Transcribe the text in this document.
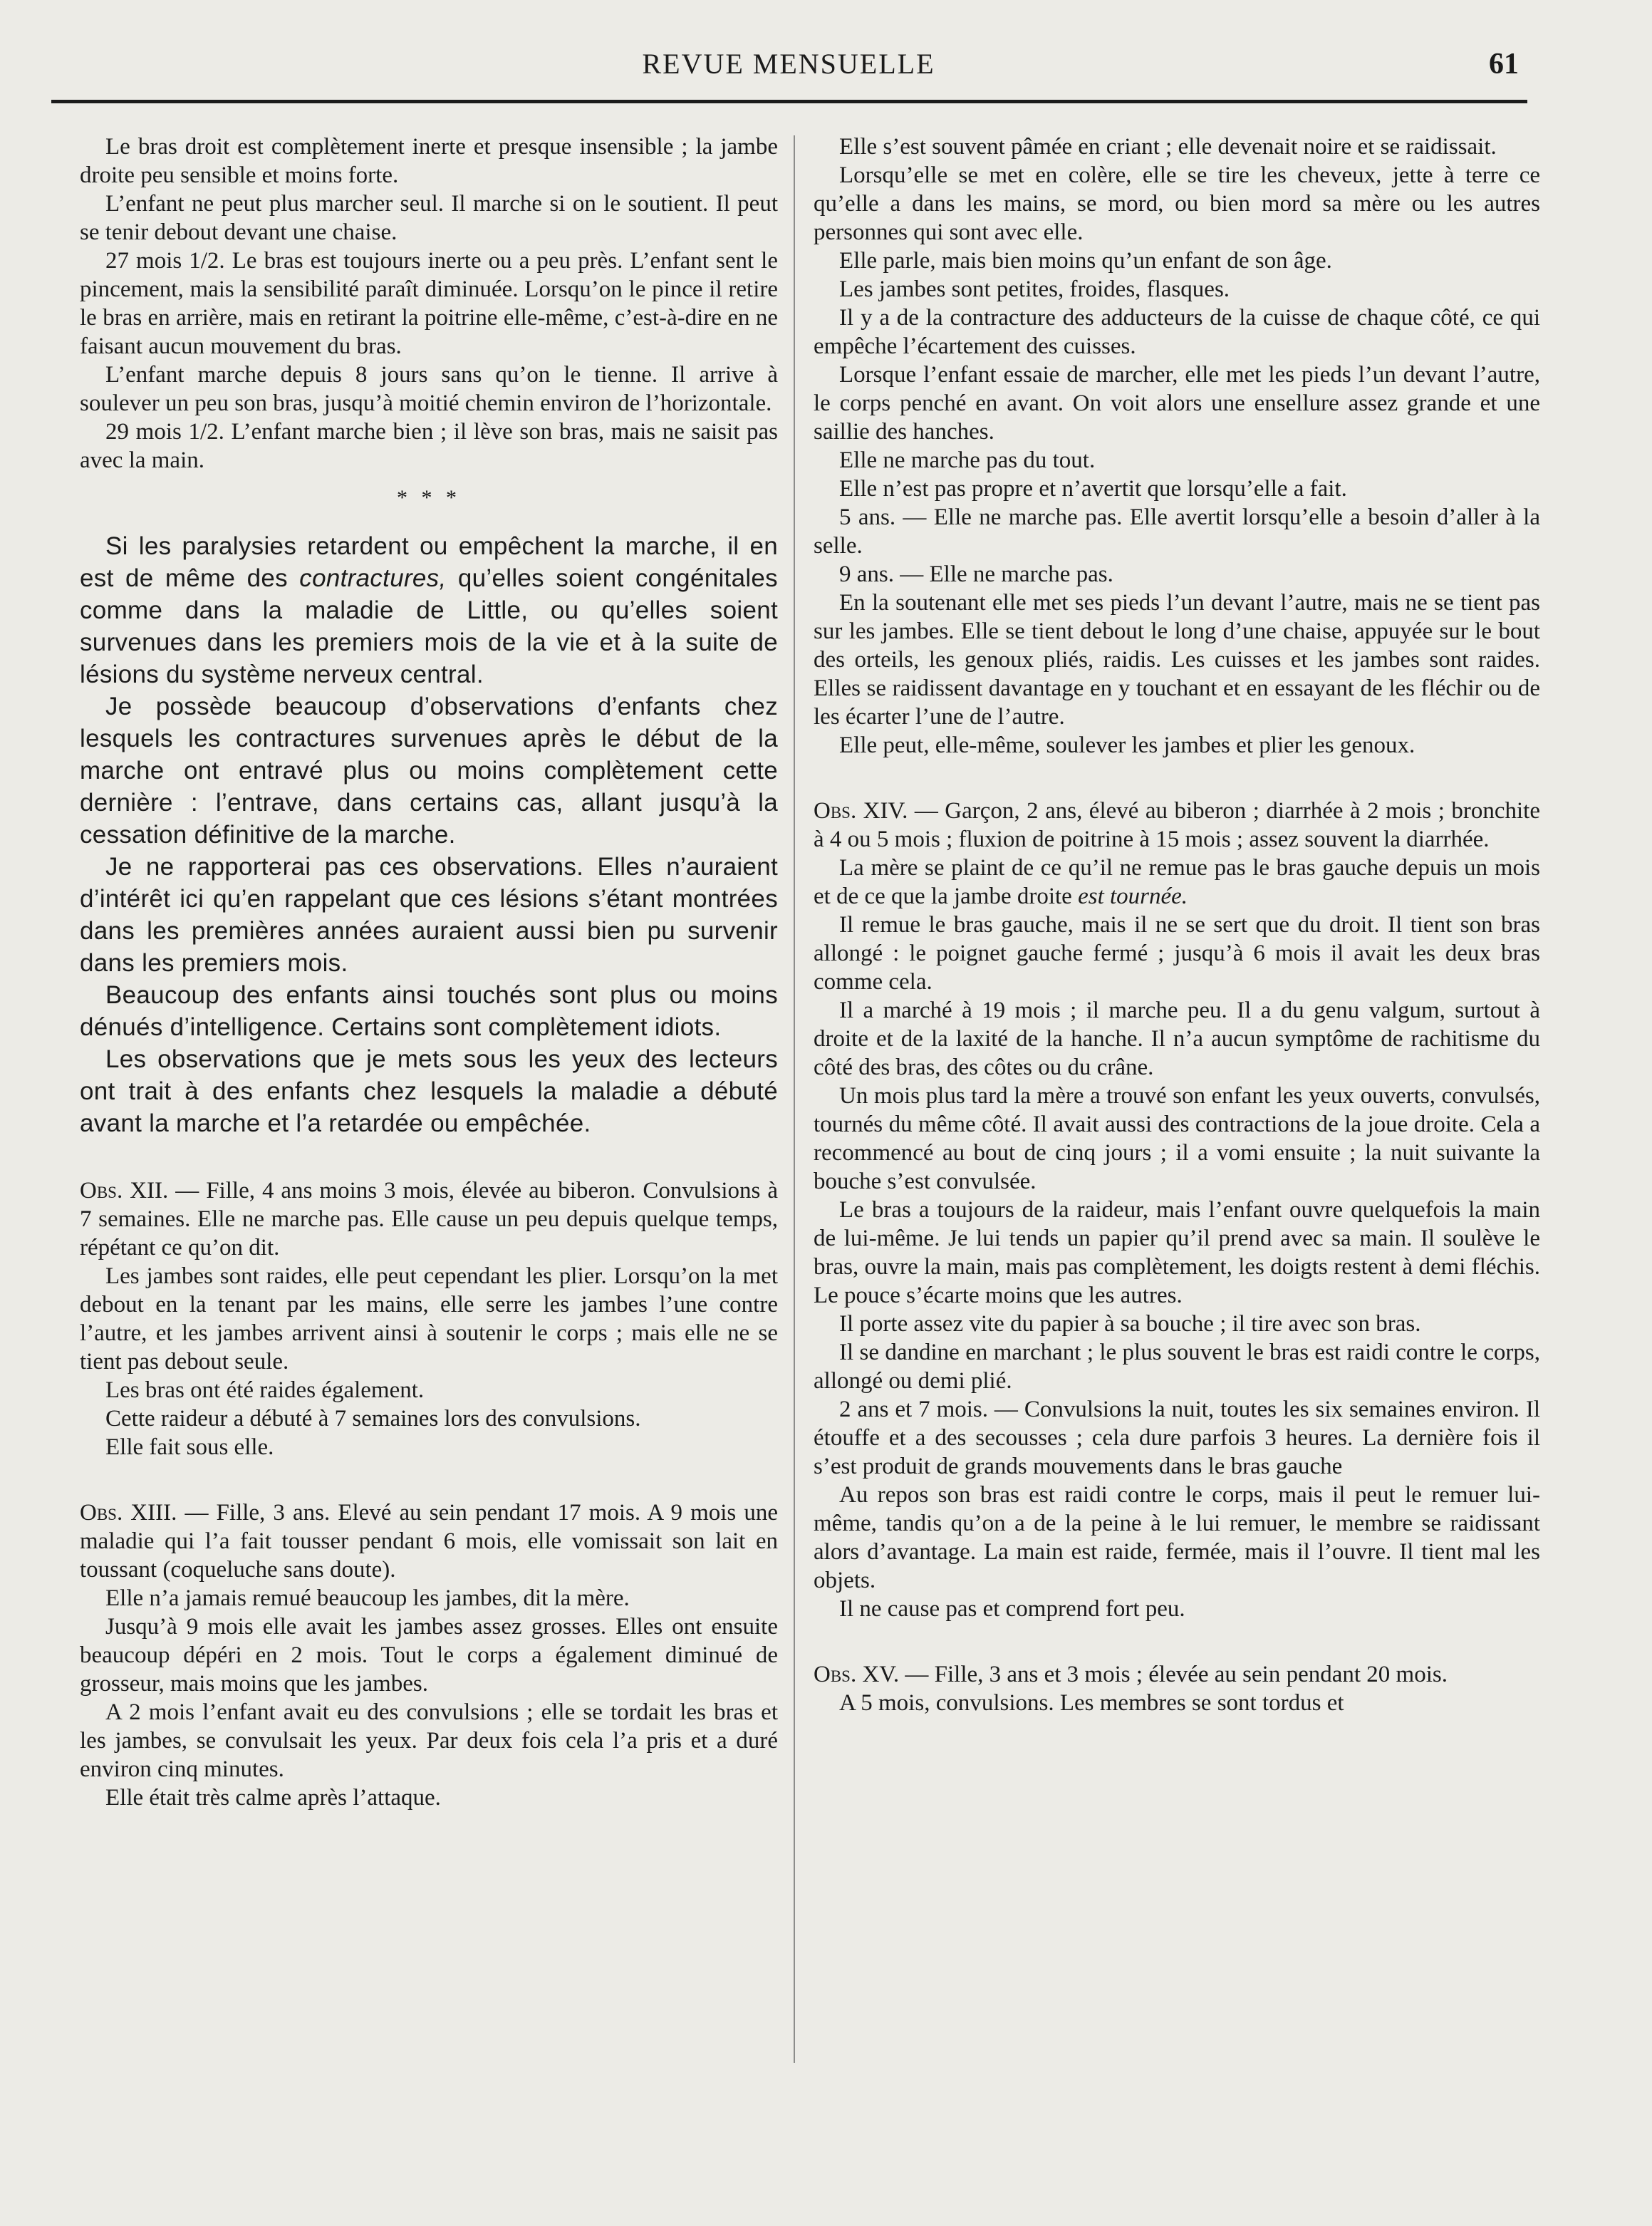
REVUE MENSUELLE	61

Le bras droit est complètement inerte et presque insensible ; la jambe droite peu sensible et moins forte.

L’enfant ne peut plus marcher seul. Il marche si on le soutient. Il peut se tenir debout devant une chaise.

27 mois 1/2. Le bras est toujours inerte ou a peu près. L’enfant sent le pincement, mais la sensibilité paraît diminuée. Lorsqu’on le pince il retire le bras en arrière, mais en retirant la poitrine elle-même, c’est-à-dire en ne faisant aucun mouvement du bras.

L’enfant marche depuis 8 jours sans qu’on le tienne. Il arrive à soulever un peu son bras, jusqu’à moitié chemin environ de l’horizontale.

29 mois 1/2. L’enfant marche bien ; il lève son bras, mais ne saisit pas avec la main.

* * *

Si les paralysies retardent ou empêchent la marche, il en est de même des contractures, qu’elles soient congénitales comme dans la maladie de Little, ou qu’elles soient survenues dans les premiers mois de la vie et à la suite de lésions du système nerveux central.

Je possède beaucoup d’observations d’enfants chez lesquels les contractures survenues après le début de la marche ont entravé plus ou moins complètement cette dernière : l’entrave, dans certains cas, allant jusqu’à la cessation définitive de la marche.

Je ne rapporterai pas ces observations. Elles n’auraient d’intérêt ici qu’en rappelant que ces lésions s’étant montrées dans les premières années auraient aussi bien pu survenir dans les premiers mois.

Beaucoup des enfants ainsi touchés sont plus ou moins dénués d’intelligence. Certains sont complètement idiots.

Les observations que je mets sous les yeux des lecteurs ont trait à des enfants chez lesquels la maladie a débuté avant la marche et l’a retardée ou empêchée.

Obs. XII. — Fille, 4 ans moins 3 mois, élevée au biberon. Convulsions à 7 semaines. Elle ne marche pas. Elle cause un peu depuis quelque temps, répétant ce qu’on dit.

Les jambes sont raides, elle peut cependant les plier. Lorsqu’on la met debout en la tenant par les mains, elle serre les jambes l’une contre l’autre, et les jambes arrivent ainsi à soutenir le corps ; mais elle ne se tient pas debout seule.

Les bras ont été raides également.

Cette raideur a débuté à 7 semaines lors des convulsions.

Elle fait sous elle.

Obs. XIII. — Fille, 3 ans. Elevé au sein pendant 17 mois. A 9 mois une maladie qui l’a fait tousser pendant 6 mois, elle vomissait son lait en toussant (coqueluche sans doute).

Elle n’a jamais remué beaucoup les jambes, dit la mère.

Jusqu’à 9 mois elle avait les jambes assez grosses. Elles ont ensuite beaucoup dépéri en 2 mois. Tout le corps a également diminué de grosseur, mais moins que les jambes.

A 2 mois l’enfant avait eu des convulsions ; elle se tordait les bras et les jambes, se convulsait les yeux. Par deux fois cela l’a pris et a duré environ cinq minutes.

Elle était très calme après l’attaque.

Elle s’est souvent pâmée en criant ; elle devenait noire et se raidissait.

Lorsqu’elle se met en colère, elle se tire les cheveux, jette à terre ce qu’elle a dans les mains, se mord, ou bien mord sa mère ou les autres personnes qui sont avec elle.

Elle parle, mais bien moins qu’un enfant de son âge.

Les jambes sont petites, froides, flasques.

Il y a de la contracture des adducteurs de la cuisse de chaque côté, ce qui empêche l’écartement des cuisses.

Lorsque l’enfant essaie de marcher, elle met les pieds l’un devant l’autre, le corps penché en avant. On voit alors une ensellure assez grande et une saillie des hanches.

Elle ne marche pas du tout.

Elle n’est pas propre et n’avertit que lorsqu’elle a fait.

5 ans. — Elle ne marche pas. Elle avertit lorsqu’elle a besoin d’aller à la selle.

9 ans. — Elle ne marche pas.

En la soutenant elle met ses pieds l’un devant l’autre, mais ne se tient pas sur les jambes. Elle se tient debout le long d’une chaise, appuyée sur le bout des orteils, les genoux pliés, raidis. Les cuisses et les jambes sont raides. Elles se raidissent davantage en y touchant et en essayant de les fléchir ou de les écarter l’une de l’autre.

Elle peut, elle-même, soulever les jambes et plier les genoux.

Obs. XIV. — Garçon, 2 ans, élevé au biberon ; diarrhée à 2 mois ; bronchite à 4 ou 5 mois ; fluxion de poitrine à 15 mois ; assez souvent la diarrhée.

La mère se plaint de ce qu’il ne remue pas le bras gauche depuis un mois et de ce que la jambe droite est tournée.

Il remue le bras gauche, mais il ne se sert que du droit. Il tient son bras allongé : le poignet gauche fermé ; jusqu’à 6 mois il avait les deux bras comme cela.

Il a marché à 19 mois ; il marche peu. Il a du genu valgum, surtout à droite et de la laxité de la hanche. Il n’a aucun symptôme de rachitisme du côté des bras, des côtes ou du crâne.

Un mois plus tard la mère a trouvé son enfant les yeux ouverts, convulsés, tournés du même côté. Il avait aussi des contractions de la joue droite. Cela a recommencé au bout de cinq jours ; il a vomi ensuite ; la nuit suivante la bouche s’est convulsée.

Le bras a toujours de la raideur, mais l’enfant ouvre quelquefois la main de lui-même. Je lui tends un papier qu’il prend avec sa main. Il soulève le bras, ouvre la main, mais pas complètement, les doigts restent à demi fléchis. Le pouce s’écarte moins que les autres.

Il porte assez vite du papier à sa bouche ; il tire avec son bras.

Il se dandine en marchant ; le plus souvent le bras est raidi contre le corps, allongé ou demi plié.

2 ans et 7 mois. — Convulsions la nuit, toutes les six semaines environ. Il étouffe et a des secousses ; cela dure parfois 3 heures. La dernière fois il s’est produit de grands mouvements dans le bras gauche

Au repos son bras est raidi contre le corps, mais il peut le remuer lui-même, tandis qu’on a de la peine à le lui remuer, le membre se raidissant alors d’avantage. La main est raide, fermée, mais il l’ouvre. Il tient mal les objets.

Il ne cause pas et comprend fort peu.

Obs. XV. — Fille, 3 ans et 3 mois ; élevée au sein pendant 20 mois.

A 5 mois, convulsions. Les membres se sont tordus et
